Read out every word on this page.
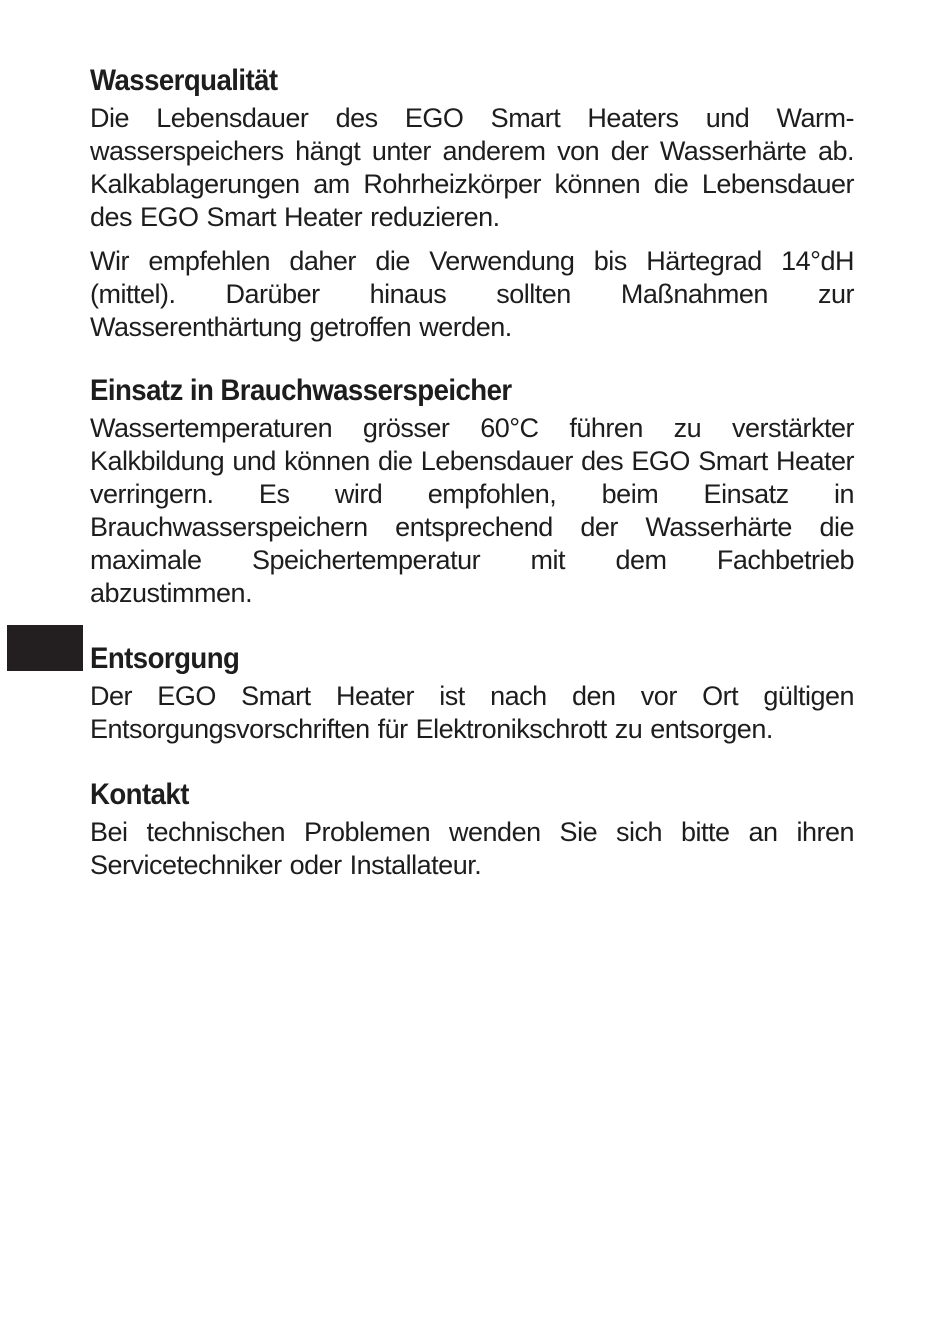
Wasserqualität

Die Lebensdauer des EGO Smart Heaters und Warm-wasserspeichers hängt unter anderem von der Wasserhärte ab. Kalkablagerungen am Rohrheizkörper können die Lebensdauer des EGO Smart Heater reduzieren.

Wir empfehlen daher die Verwendung bis Härtegrad 14°dH (mittel). Darüber hinaus sollten Maßnahmen zur Wasserenthärtung getroffen werden.

Einsatz in Brauchwasserspeicher

Wassertemperaturen grösser 60°C führen zu verstärkter Kalkbildung und können die Lebensdauer des EGO Smart Heater verringern. Es wird empfohlen, beim Einsatz in Brauchwasserspeichern entsprechend der Wasserhärte die maximale Speichertemperatur mit dem Fachbetrieb abzustimmen.

Entsorgung

Der EGO Smart Heater ist nach den vor Ort gültigen Entsorgungsvorschriften für Elektronikschrott zu entsorgen.

Kontakt

Bei technischen Problemen wenden Sie sich bitte an ihren Servicetechniker oder Installateur.
